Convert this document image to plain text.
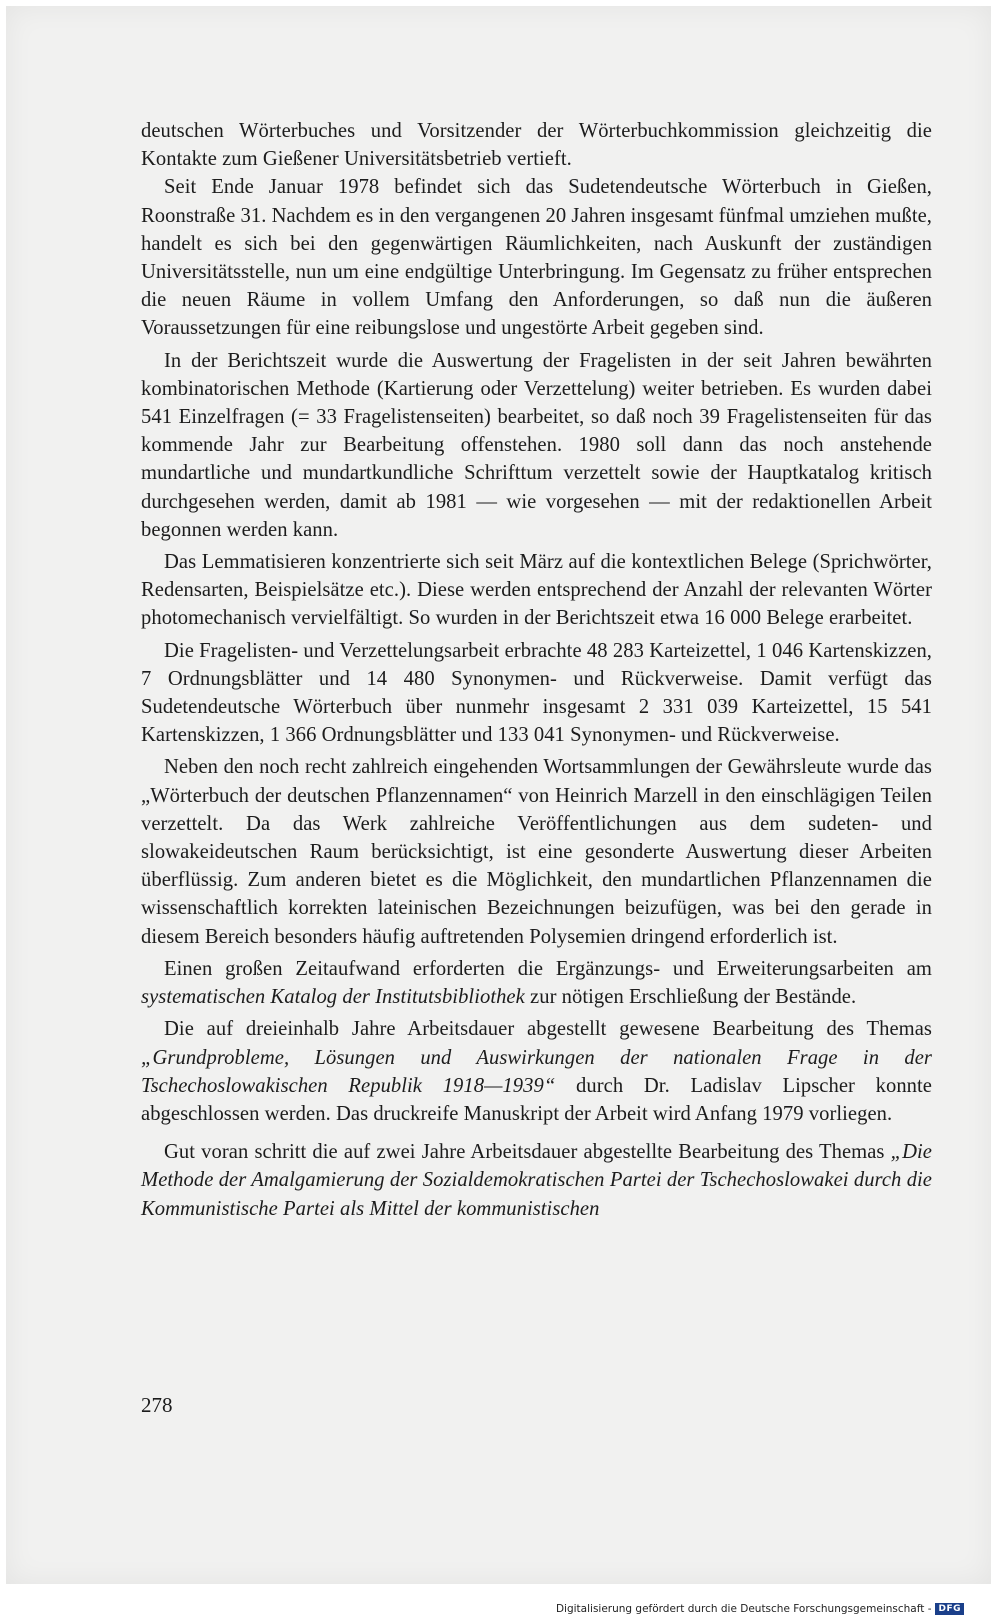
deutschen Wörterbuches und Vorsitzender der Wörterbuchkommission gleichzeitig die Kontakte zum Gießener Universitätsbetrieb vertieft.

Seit Ende Januar 1978 befindet sich das Sudetendeutsche Wörterbuch in Gießen, Roonstraße 31. Nachdem es in den vergangenen 20 Jahren insgesamt fünfmal umziehen mußte, handelt es sich bei den gegenwärtigen Räumlichkeiten, nach Auskunft der zuständigen Universitätsstelle, nun um eine endgültige Unterbringung. Im Gegensatz zu früher entsprechen die neuen Räume in vollem Umfang den Anforderungen, so daß nun die äußeren Voraussetzungen für eine reibungslose und ungestörte Arbeit gegeben sind.

In der Berichtszeit wurde die Auswertung der Fragelisten in der seit Jahren bewährten kombinatorischen Methode (Kartierung oder Verzettelung) weiter betrieben. Es wurden dabei 541 Einzelfragen (= 33 Fragelistenseiten) bearbeitet, so daß noch 39 Fragelistenseiten für das kommende Jahr zur Bearbeitung offenstehen. 1980 soll dann das noch anstehende mundartliche und mundartkundliche Schrifttum verzettelt sowie der Hauptkatalog kritisch durchgesehen werden, damit ab 1981 — wie vorgesehen — mit der redaktionellen Arbeit begonnen werden kann.

Das Lemmatisieren konzentrierte sich seit März auf die kontextlichen Belege (Sprichwörter, Redensarten, Beispielsätze etc.). Diese werden entsprechend der Anzahl der relevanten Wörter photomechanisch vervielfältigt. So wurden in der Berichtszeit etwa 16 000 Belege erarbeitet.

Die Fragelisten- und Verzettelungsarbeit erbrachte 48 283 Karteizettel, 1 046 Kartenskizzen, 7 Ordnungsblätter und 14 480 Synonymen- und Rückverweise. Damit verfügt das Sudetendeutsche Wörterbuch über nunmehr insgesamt 2 331 039 Karteizettel, 15 541 Kartenskizzen, 1 366 Ordnungsblätter und 133 041 Synonymen- und Rückverweise.

Neben den noch recht zahlreich eingehenden Wortsammlungen der Gewährsleute wurde das „Wörterbuch der deutschen Pflanzennamen“ von Heinrich Marzell in den einschlägigen Teilen verzettelt. Da das Werk zahlreiche Veröffentlichungen aus dem sudeten- und slowakeideutschen Raum berücksichtigt, ist eine gesonderte Auswertung dieser Arbeiten überflüssig. Zum anderen bietet es die Möglichkeit, den mundartlichen Pflanzennamen die wissenschaftlich korrekten lateinischen Bezeichnungen beizufügen, was bei den gerade in diesem Bereich besonders häufig auftretenden Polysemien dringend erforderlich ist.

Einen großen Zeitaufwand erforderten die Ergänzungs- und Erweiterungsarbeiten am systematischen Katalog der Institutsbibliothek zur nötigen Erschließung der Bestände.

Die auf dreieinhalb Jahre Arbeitsdauer abgestellt gewesene Bearbeitung des Themas „Grundprobleme, Lösungen und Auswirkungen der nationalen Frage in der Tschechoslowakischen Republik 1918—1939“ durch Dr. Ladislav Lipscher konnte abgeschlossen werden. Das druckreife Manuskript der Arbeit wird Anfang 1979 vorliegen.

Gut voran schritt die auf zwei Jahre Arbeitsdauer abgestellte Bearbeitung des Themas „Die Methode der Amalgamierung der Sozialdemokratischen Partei der Tschechoslowakei durch die Kommunistische Partei als Mittel der kommunistischen

278
Digitalisierung gefördert durch die Deutsche Forschungsgemeinschaft - DFG
